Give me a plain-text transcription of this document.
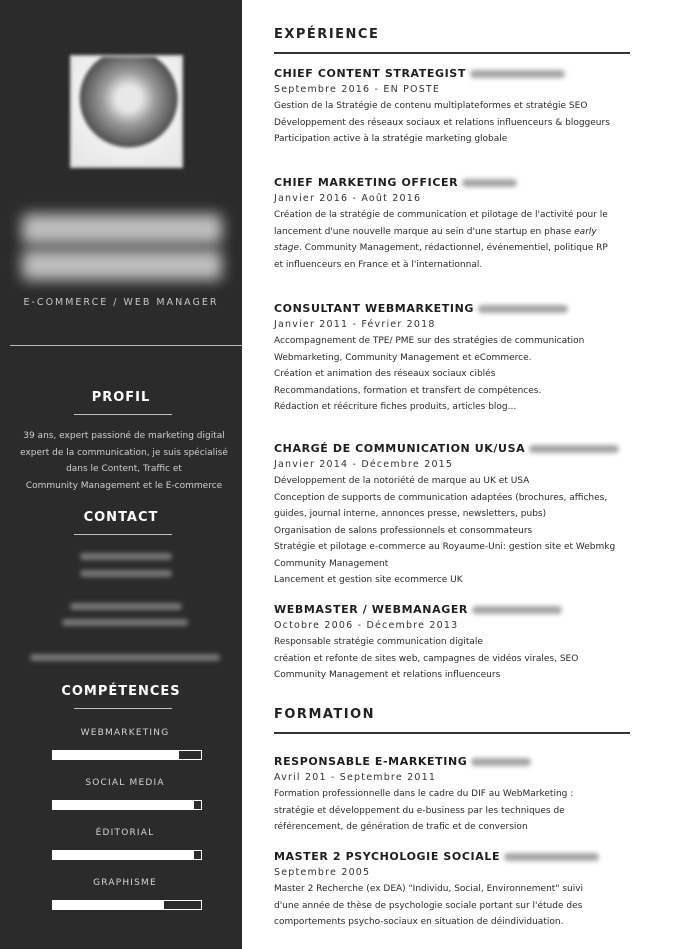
E-COMMERCE / WEB MANAGER
PROFIL
39 ans, expert passioné de marketing digital
expert de la communication, je suis spécialisé
dans le Content, Traffic et
Community Management et le E-commerce
CONTACT
COMPÉTENCES
WEBMARKETING
SOCIAL MEDIA
ÉDITORIAL
GRAPHISME
EXPÉRIENCE
CHIEF CONTENT STRATEGIST
Septembre 2016 - EN POSTE
Gestion de la Stratégie de contenu multiplateformes et stratégie SEO
Développement des réseaux sociaux et relations influenceurs & bloggeurs
Participation active à la stratégie marketing globale
CHIEF MARKETING OFFICER
Janvier 2016 - Août 2016
Création de la stratégie de communication et pilotage de l'activité pour le
lancement d'une nouvelle marque au sein d'une startup en phase early
stage. Community Management, rédactionnel, événementiel, politique RP
et influenceurs en France et à l'internationnal.
CONSULTANT WEBMARKETING
Janvier 2011 - Février 2018
Accompagnement de TPE/ PME sur des stratégies de communication
Webmarketing, Community Management et eCommerce.
Création et animation des réseaux sociaux ciblés
Recommandations, formation et transfert de compétences.
Rédaction et réécriture fiches produits, articles blog...
CHARGÉ DE COMMUNICATION UK/USA
Janvier 2014 - Décembre 2015
Développement de la notoriété de marque au UK et USA
Conception de supports de communication adaptées (brochures, affiches,
guides, journal interne, annonces presse, newsletters, pubs)
Organisation de salons professionnels et consommateurs
Stratégie et pilotage e-commerce au Royaume-Uni: gestion site et Webmkg
Community Management
Lancement et gestion site ecommerce UK
WEBMASTER / WEBMANAGER
Octobre 2006 - Décembre 2013
Responsable stratégie communication digitale
création et refonte de sites web, campagnes de vidéos virales, SEO
Community Management et relations influenceurs
FORMATION
RESPONSABLE E-MARKETING
Avril 201 - Septembre 2011
Formation professionnelle dans le cadre du DIF au WebMarketing :
stratégie et développement du e-business par les techniques de
référencement, de génération de trafic et de conversion
MASTER 2 PSYCHOLOGIE SOCIALE
Septembre 2005
Master 2 Recherche (ex DEA) "Individu, Social, Environnement" suivi
d'une année de thèse de psychologie sociale portant sur l'étude des
comportements psycho-sociaux en situation de déindividuation.
